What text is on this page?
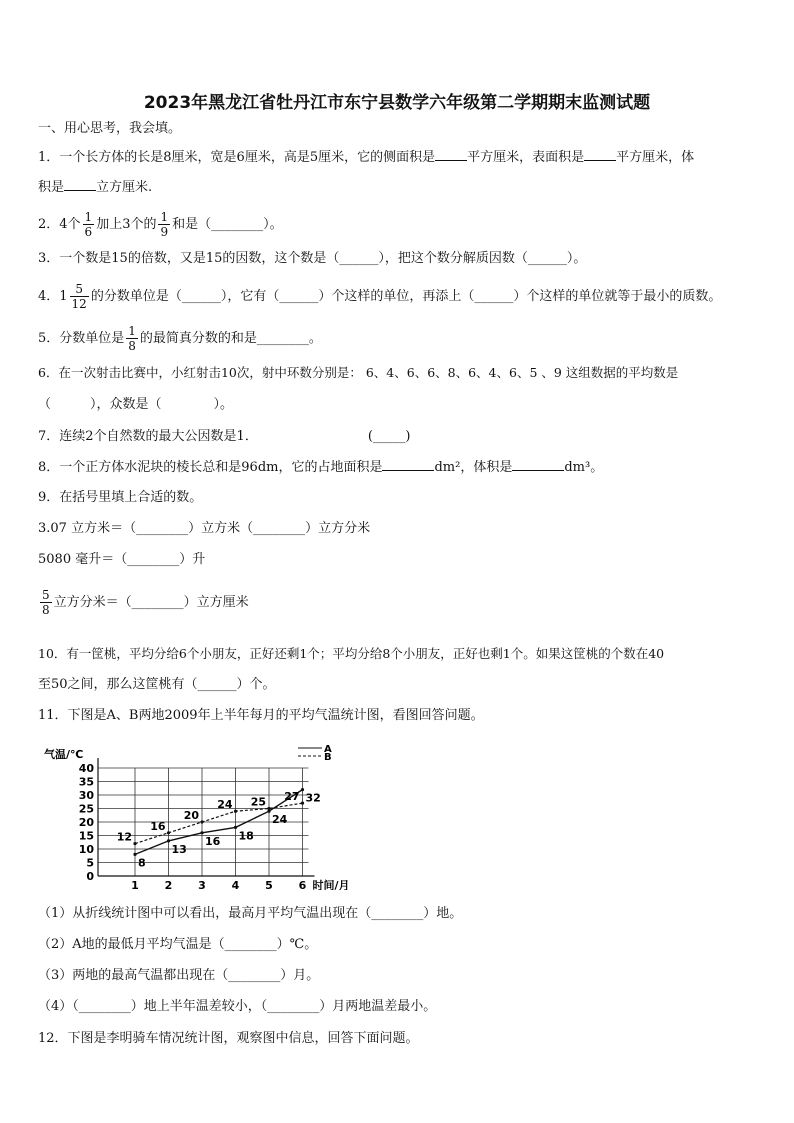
2023年黑龙江省牡丹江市东宁县数学六年级第二学期期末监测试题
一、用心思考，我会填。
1．一个长方体的长是8厘米，宽是6厘米，高是5厘米，它的侧面积是 平方厘米，表面积是 平方厘米，体
积是 立方厘米.
2．4个 $\frac{1}{6}$ 加上3个的 $\frac{1}{9}$ 和是（________）。
3．一个数是15的倍数，又是15的因数，这个数是（______），把这个数分解质因数（______）。
4．$1 \frac{5}{12}$ 的分数单位是（______），它有（______）个这样的单位，再添上（______）个这样的单位就等于最小的质数。
5．分数单位是 $\frac{1}{8}$ 的最简真分数的和是________。
6．在一次射击比赛中，小红射击10次，射中环数分别是： 6、4、6、6、8、6、4、6、5 、9 这组数据的平均数是
（　　　），众数是（　　　　）。
7．连续2个自然数的最大公因数是1．	(_____)
8．一个正方体水泥块的棱长总和是96dm，它的占地面积是	dm²，体积是	dm³。
9．在括号里填上合适的数。
3.07 立方米＝（________）立方米（________）立方分米
5080 毫升＝（________）升
$\frac{5}{8}$ 立方分米＝（________）立方厘米
10．有一筐桃，平均分给6个小朋友，正好还剩1个；平均分给8个小朋友，正好也剩1个。如果这筐桃的个数在40
至50之间，那么这筐桃有（______）个。
11．下图是A、B两地2009年上半年每月的平均气温统计图，看图回答问题。
0
5
10
15
20
25
30
35
40
1 2 3 4 5 6
气温/℃
时间/月
8
13
16 18
24
32
12
16
20
24 25 27
A
B
（1）从折线统计图中可以看出，最高月平均气温出现在（________）地。
（2）A地的最低月平均气温是（________）℃。
（3）两地的最高气温都出现在（________）月。
（4）（________）地上半年温差较小，（________）月两地温差最小。
12．下图是李明骑车情况统计图，观察图中信息，回答下面问题。
